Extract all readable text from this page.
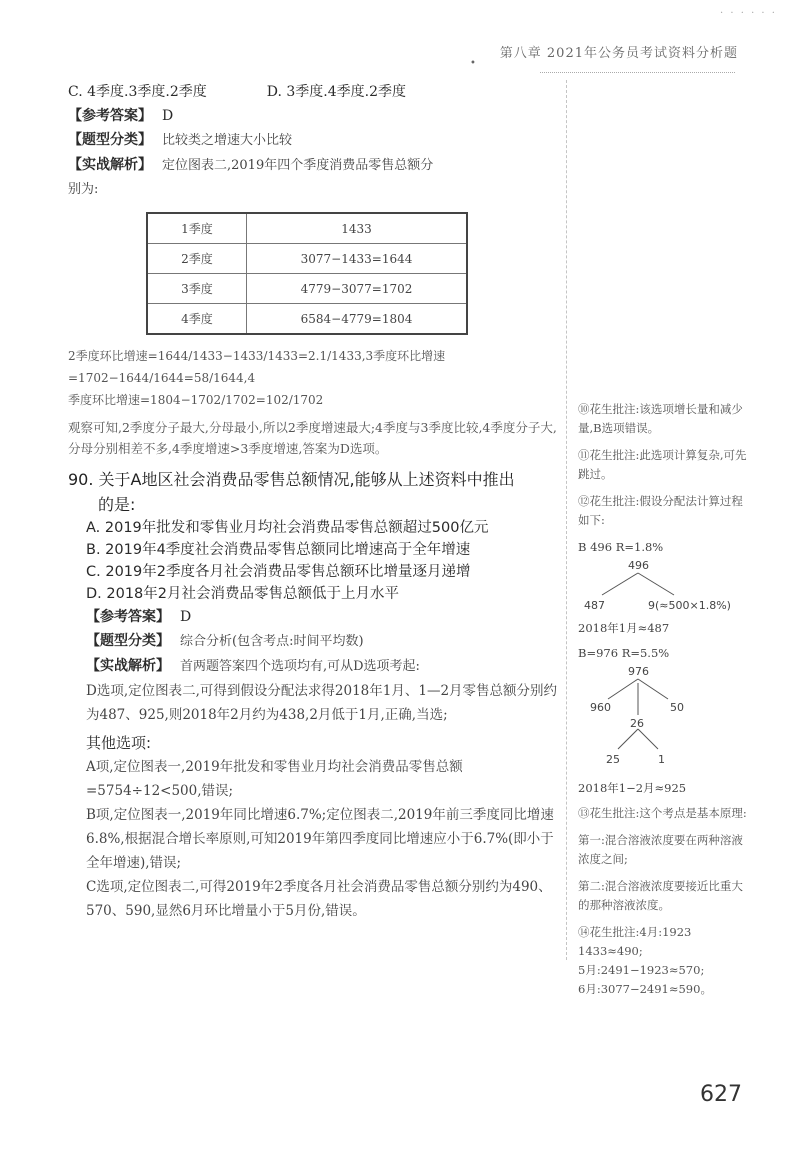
· · · · · ·
第八章 2021年公务员考试资料分析题
•
C. 4季度.3季度.2季度	D. 3季度.4季度.2季度

【参考答案】 D

【题型分类】 比较类之增速大小比较

【实战解析】 定位图表二,2019年四个季度消费品零售总额分

别为:

1季度	1433
2季度	3077−1433=1644
3季度	4779−3077=1702
4季度	6584−4779=1804
2季度环比增速=1644/1433−1433/1433=2.1/1433,3季度环比增速=1702−1644/1644=58/1644,4
季度环比增速=1804−1702/1702=102/1702
观察可知,2季度分子最大,分母最小,所以2季度增速最大;4季度与3季度比较,4季度分子大,分母分别相差不多,4季度增速>3季度增速,答案为D选项。
90. 关于A地区社会消费品零售总额情况,能够从上述资料中推出
的是:
A. 2019年批发和零售业月均社会消费品零售总额超过500亿元
B. 2019年4季度社会消费品零售总额同比增速高于全年增速
C. 2019年2季度各月社会消费品零售总额环比增量逐月递增
D. 2018年2月社会消费品零售总额低于上月水平

【参考答案】 D

【题型分类】 综合分析(包含考点:时间平均数)

【实战解析】 首两题答案四个选项均有,可从D选项考起:

D选项,定位图表二,可得到假设分配法求得2018年1月、1—2月零售总额分别约为487、925,则2018年2月约为438,2月低于1月,正确,当选;
其他选项:
A项,定位图表一,2019年批发和零售业月均社会消费品零售总额=5754÷12<500,错误;
B项,定位图表一,2019年同比增速6.7%;定位图表二,2019年前三季度同比增速6.8%,根据混合增长率原则,可知2019年第四季度同比增速应小于6.7%(即小于全年增速),错误;
C选项,定位图表二,可得2019年2季度各月社会消费品零售总额分别约为490、570、590,显然6月环比增量小于5月份,错误。
⑩花生批注:该选项增长量和减少量,B选项错误。
⑪花生批注:此选项计算复杂,可先跳过。
⑫花生批注:假设分配法计算过程如下:
B 496 R=1.8%
496
487	9(≈500×1.8%)
2018年1月≈487
B=976 R=5.5%
976
960	50
26
25	1
2018年1−2月≈925
⑬花生批注:这个考点是基本原理:
第一:混合溶液浓度要在两种溶液浓度之间;
第二:混合溶液浓度要接近比重大的那种溶液浓度。
⑭花生批注:4月:1923
1433≈490;
5月:2491−1923≈570;
6月:3077−2491≈590。
627
